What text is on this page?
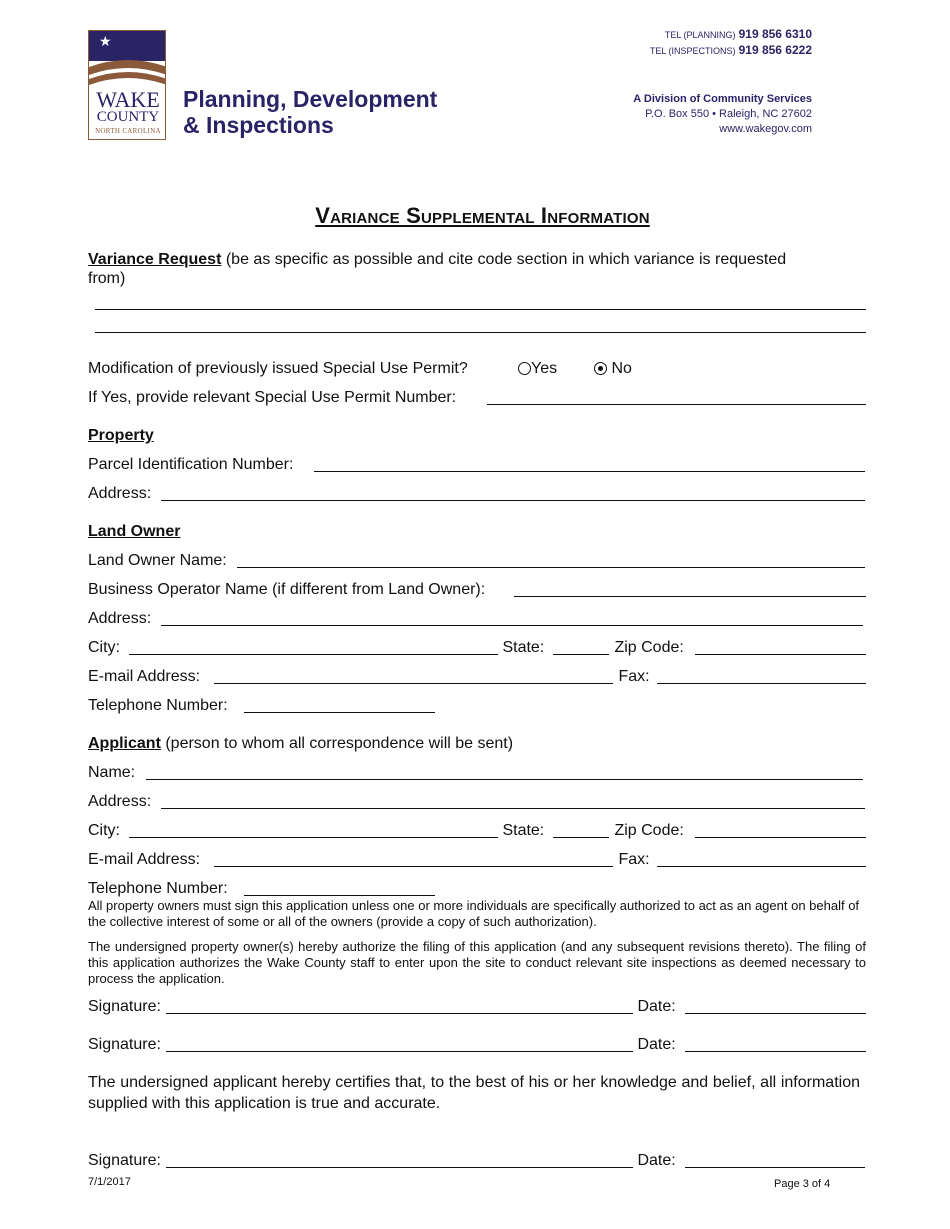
★
WAKE
COUNTY
NORTH CAROLINA
Planning, Development
& Inspections
TEL (PLANNING) 919 856 6310
TEL (INSPECTIONS) 919 856 6222
A Division of Community Services
P.O. Box 550 • Raleigh, NC 27602
www.wakegov.com
Variance Supplemental Information
Variance Request (be as specific as possible and cite code section in which variance is requested
from)
Modification of previously issued Special Use Permit?	Yes	No
If Yes, provide relevant Special Use Permit Number:
Property
Parcel Identification Number:
Address:
Land Owner
Land Owner Name:
Business Operator Name (if different from Land Owner):
Address:
City:	State:	Zip Code:
E-mail Address:	Fax:
Telephone Number:
Applicant (person to whom all correspondence will be sent)
Name:
Address:
City:	State:	Zip Code:
E-mail Address:	Fax:
Telephone Number:
All property owners must sign this application unless one or more individuals are specifically authorized to act as an agent on behalf of the collective interest of some or all of the owners (provide a copy of such authorization).
The undersigned property owner(s) hereby authorize the filing of this application (and any subsequent revisions thereto). The filing of this application authorizes the Wake County staff to enter upon the site to conduct relevant site inspections as deemed necessary to process the application.
Signature:	Date:
Signature:	Date:
The undersigned applicant hereby certifies that, to the best of his or her knowledge and belief, all information supplied with this application is true and accurate.
Signature:	Date:
7/1/2017	Page 3 of 4
